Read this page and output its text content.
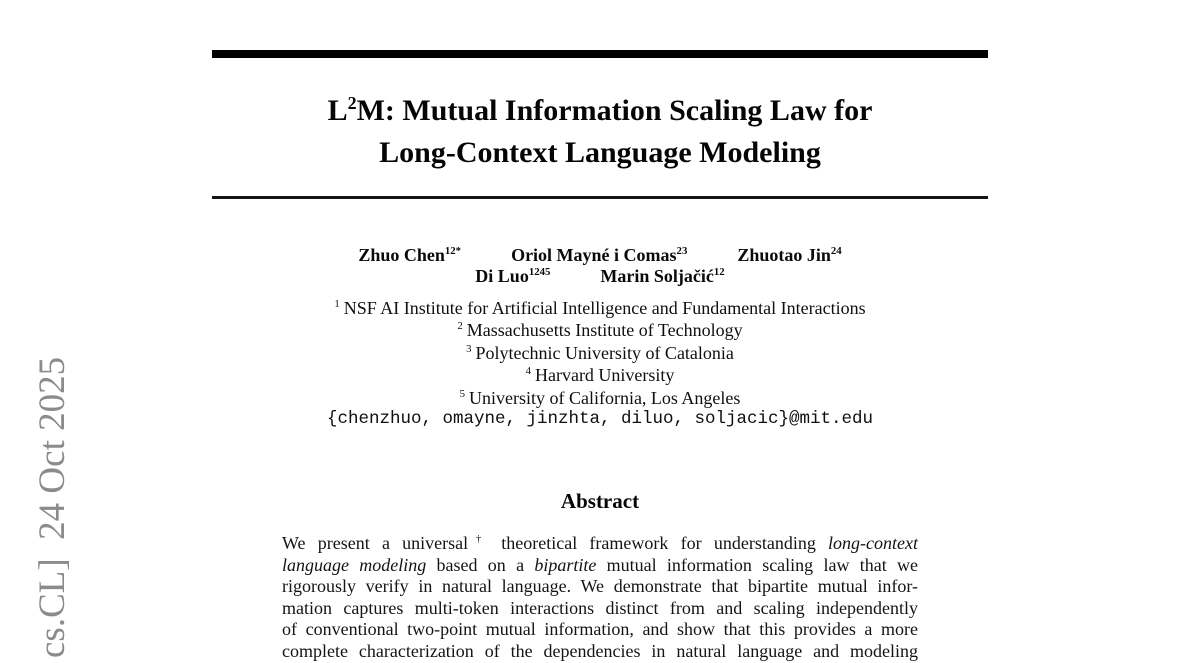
cs.CL]  24 Oct 2025
$L^2M$: Mutual Information Scaling Law for
Long-Context Language Modeling
Zhuo Chen$^{12*}$	Oriol Mayné i Comas$^{23}$	Zhuotao Jin$^{24}$
Di Luo$^{1245}$	Marin Soljačić$^{12}$
$^1$ NSF AI Institute for Artificial Intelligence and Fundamental Interactions
$^2$ Massachusetts Institute of Technology
$^3$ Polytechnic University of Catalonia
$^4$ Harvard University
$^5$ University of California, Los Angeles
{chenzhuo, omayne, jinzhta, diluo, soljacic}@mit.edu
Abstract
We present a universal† theoretical framework for understanding long-context
language modeling based on a bipartite mutual information scaling law that we
rigorously verify in natural language. We demonstrate that bipartite mutual infor-
mation captures multi-token interactions distinct from and scaling independently
of conventional two-point mutual information, and show that this provides a more
complete characterization of the dependencies in natural language and modeling
